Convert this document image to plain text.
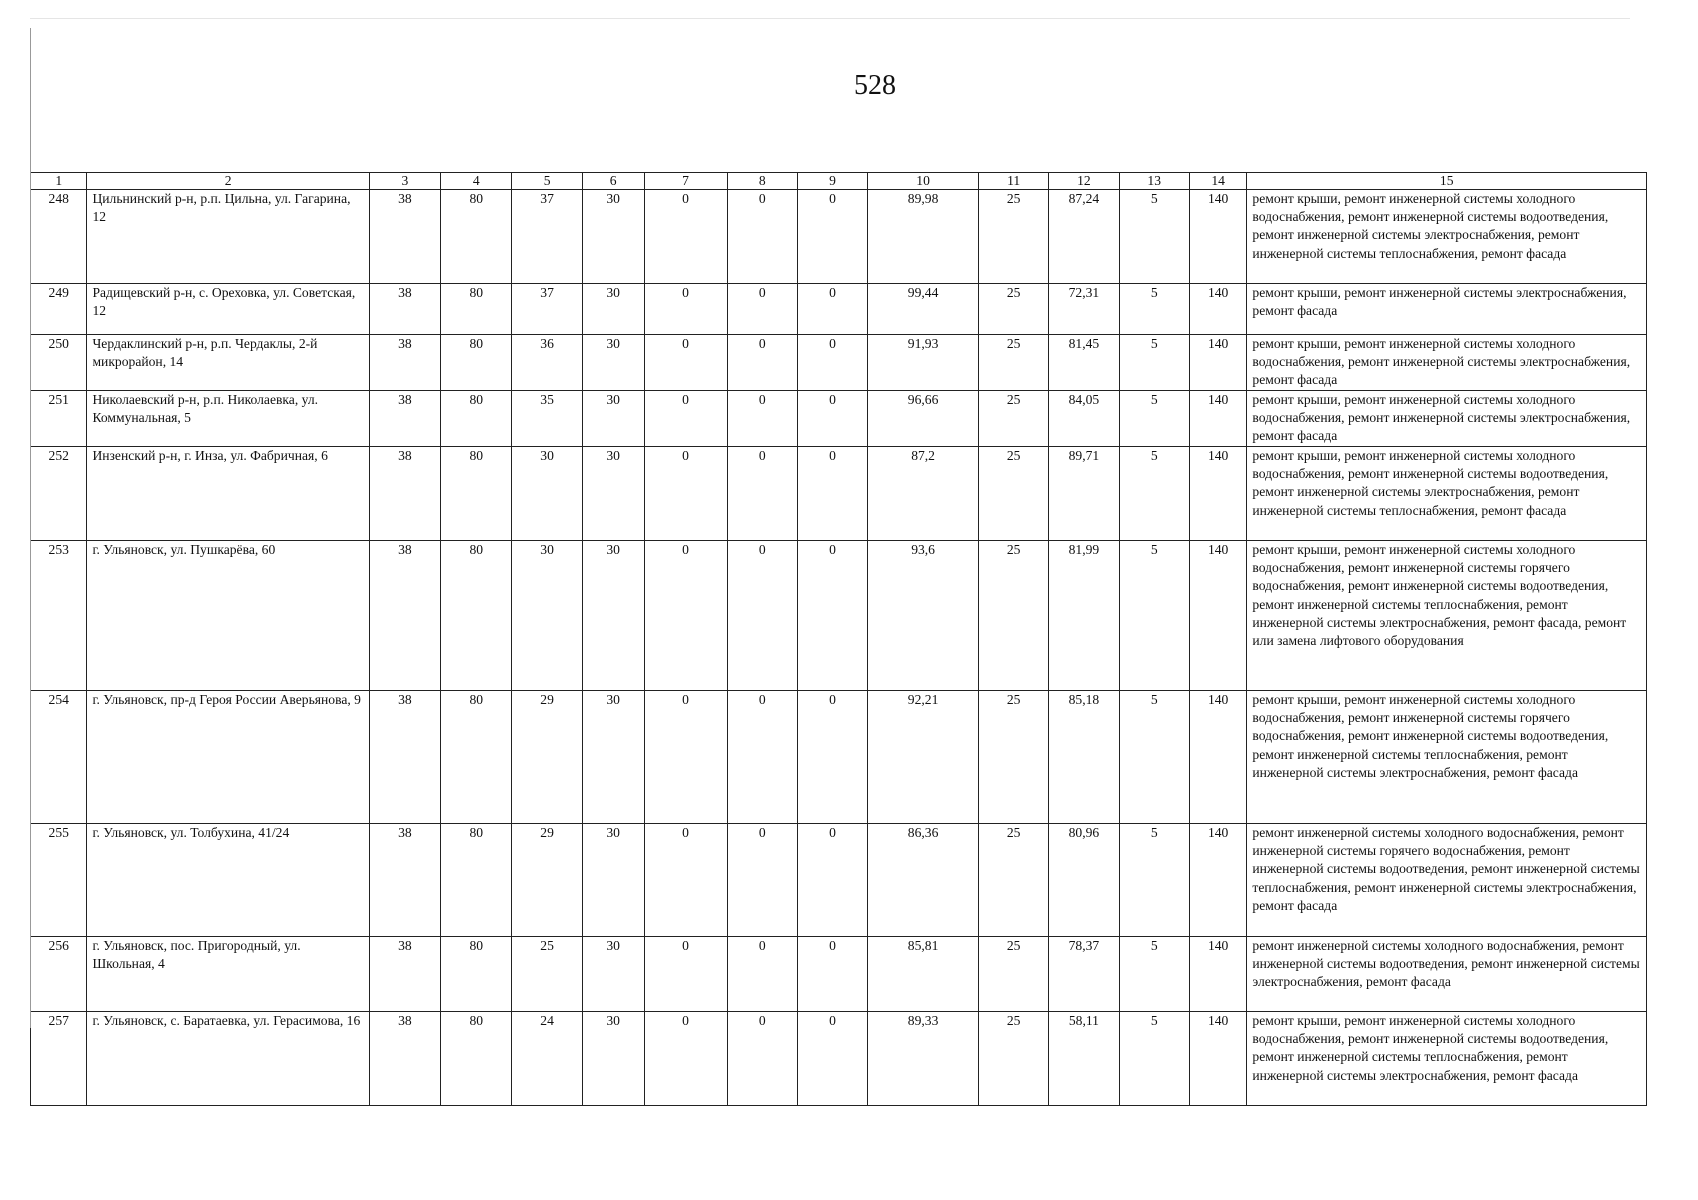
528
1	2	3	4	5	6	7	8	9	10	11	12	13	14	15
248	Цильнинский р-н, р.п. Цильна, ул. Гагарина, 12	38	80	37	30	0	0	0	89,98	25	87,24	5	140	ремонт крыши, ремонт инженерной системы холодного водоснабжения, ремонт инженерной системы водоотведения, ремонт инженерной системы электроснабжения, ремонт инженерной системы теплоснабжения, ремонт фасада
249	Радищевский р-н, с. Ореховка, ул. Советская, 12	38	80	37	30	0	0	0	99,44	25	72,31	5	140	ремонт крыши, ремонт инженерной системы электроснабжения, ремонт фасада
250	Чердаклинский р-н, р.п. Чердаклы, 2-й микрорайон, 14	38	80	36	30	0	0	0	91,93	25	81,45	5	140	ремонт крыши, ремонт инженерной системы холодного водоснабжения, ремонт инженерной системы электроснабжения, ремонт фасада
251	Николаевский р-н, р.п. Николаевка, ул. Коммунальная, 5	38	80	35	30	0	0	0	96,66	25	84,05	5	140	ремонт крыши, ремонт инженерной системы холодного водоснабжения, ремонт инженерной системы электроснабжения, ремонт фасада
252	Инзенский р-н, г. Инза, ул. Фабричная, 6	38	80	30	30	0	0	0	87,2	25	89,71	5	140	ремонт крыши, ремонт инженерной системы холодного водоснабжения, ремонт инженерной системы водоотведения, ремонт инженерной системы электроснабжения, ремонт инженерной системы теплоснабжения, ремонт фасада
253	г. Ульяновск, ул. Пушкарёва, 60	38	80	30	30	0	0	0	93,6	25	81,99	5	140	ремонт крыши, ремонт инженерной системы холодного водоснабжения, ремонт инженерной системы горячего водоснабжения, ремонт инженерной системы водоотведения, ремонт инженерной системы теплоснабжения, ремонт инженерной системы электроснабжения, ремонт фасада, ремонт или замена лифтового оборудования
254	г. Ульяновск, пр-д Героя России Аверьянова, 9	38	80	29	30	0	0	0	92,21	25	85,18	5	140	ремонт крыши, ремонт инженерной системы холодного водоснабжения, ремонт инженерной системы горячего водоснабжения, ремонт инженерной системы водоотведения, ремонт инженерной системы теплоснабжения, ремонт инженерной системы электроснабжения, ремонт фасада
255	г. Ульяновск, ул. Толбухина, 41/24	38	80	29	30	0	0	0	86,36	25	80,96	5	140	ремонт инженерной системы холодного водоснабжения, ремонт инженерной системы горячего водоснабжения, ремонт инженерной системы водоотведения, ремонт инженерной системы теплоснабжения, ремонт инженерной системы электроснабжения, ремонт фасада
256	г. Ульяновск, пос. Пригородный, ул. Школьная, 4	38	80	25	30	0	0	0	85,81	25	78,37	5	140	ремонт инженерной системы холодного водоснабжения, ремонт инженерной системы водоотведения, ремонт инженерной системы электроснабжения, ремонт фасада
257	г. Ульяновск, с. Баратаевка, ул. Герасимова, 16	38	80	24	30	0	0	0	89,33	25	58,11	5	140	ремонт крыши, ремонт инженерной системы холодного водоснабжения, ремонт инженерной системы водоотведения, ремонт инженерной системы теплоснабжения, ремонт инженерной системы электроснабжения, ремонт фасада
